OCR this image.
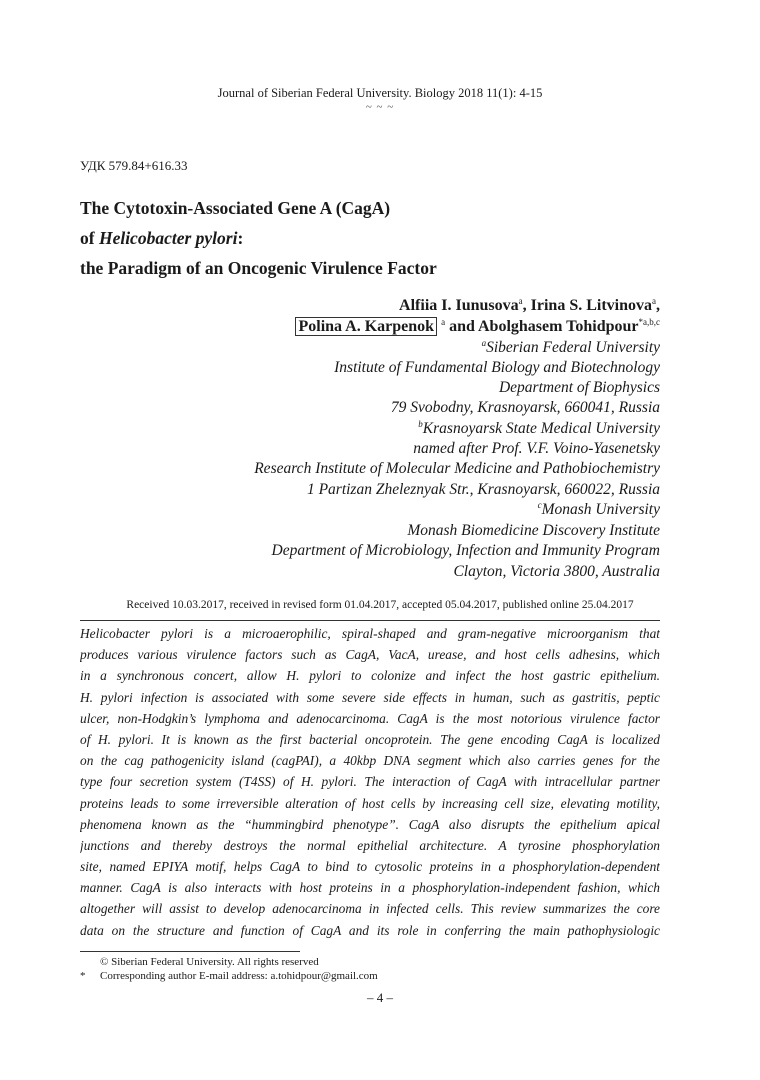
Journal of Siberian Federal University. Biology 2018 11(1): 4-15
~ ~ ~
УДК 579.84+616.33
The Cytotoxin-Associated Gene A (CagA)
of Helicobacter pylori:
the Paradigm of an Oncogenic Virulence Factor
Alfiia I. Iunusova$^a$, Irina S. Litvinova$^a$,
Polina A. Karpenok $^a$ and Abolghasem Tohidpour$^{*a,b,c}$
$^a$Siberian Federal University
Institute of Fundamental Biology and Biotechnology
Department of Biophysics
79 Svobodny, Krasnoyarsk, 660041, Russia
$^b$Krasnoyarsk State Medical University
named after Prof. V.F. Voino-Yasenetsky
Research Institute of Molecular Medicine and Pathobiochemistry
1 Partizan Zheleznyak Str., Krasnoyarsk, 660022, Russia
$^c$Monash University
Monash Biomedicine Discovery Institute
Department of Microbiology, Infection and Immunity Program
Clayton, Victoria 3800, Australia
Received 10.03.2017, received in revised form 01.04.2017, accepted 05.04.2017, published online 25.04.2017
Helicobacter pylori is a microaerophilic, spiral-shaped and gram-negative microorganism that
produces various virulence factors such as CagA, VacA, urease, and host cells adhesins, which
in a synchronous concert, allow H. pylori to colonize and infect the host gastric epithelium.
H. pylori infection is associated with some severe side effects in human, such as gastritis, peptic
ulcer, non-Hodgkin’s lymphoma and adenocarcinoma. CagA is the most notorious virulence factor
of H. pylori. It is known as the first bacterial oncoprotein. The gene encoding CagA is localized
on the cag pathogenicity island (cagPAI), a 40kbp DNA segment which also carries genes for the
type four secretion system (T4SS) of H. pylori. The interaction of CagA with intracellular partner
proteins leads to some irreversible alteration of host cells by increasing cell size, elevating motility,
phenomena known as the “hummingbird phenotype”. CagA also disrupts the epithelium apical
junctions and thereby destroys the normal epithelial architecture. A tyrosine phosphorylation
site, named EPIYA motif, helps CagA to bind to cytosolic proteins in a phosphorylation-dependent
manner. CagA is also interacts with host proteins in a phosphorylation-independent fashion, which
altogether will assist to develop adenocarcinoma in infected cells. This review summarizes the core
data on the structure and function of CagA and its role in conferring the main pathophysiologic
© Siberian Federal University. All rights reserved
* Corresponding author E-mail address: a.tohidpour@gmail.com
– 4 –
